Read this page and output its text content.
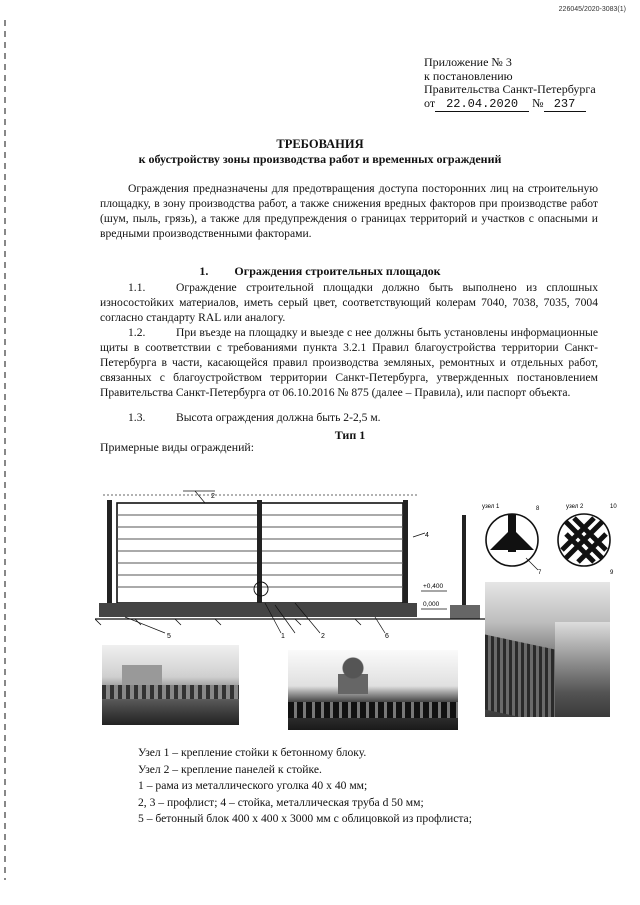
226045/2020-3083(1)
Приложение № 3
к постановлению
Правительства Санкт-Петербурга
от 22.04.2020 № 237
ТРЕБОВАНИЯ
к обустройству зоны производства работ и временных ограждений
Ограждения предназначены для предотвращения доступа посторонних лиц на строительную площадку, в зону производства работ, а также снижения вредных факторов при производстве работ (шум, пыль, грязь), а также для предупреждения о границах территорий и участков с опасными и вредными производственными факторами.
1. Ограждения строительных площадок
1.1.	Ограждение строительной площадки должно быть выполнено из сплошных износостойких материалов, иметь серый цвет, соответствующий колерам 7040, 7038, 7035, 7004 согласно стандарту RAL или аналогу.
1.2.	При въезде на площадку и выезде с нее должны быть установлены информационные щиты в соответствии с требованиями пункта 3.2.1 Правил благоустройства территории Санкт-Петербурга в части, касающейся правил производства земляных, ремонтных и отдельных работ, связанных с благоустройством территории Санкт-Петербурга, утвержденных постановлением Правительства Санкт-Петербурга от 06.10.2016 № 875 (далее – Правила), или паспорт объекта.
1.3.	Высота ограждения должна быть 2-2,5 м.
Примерные виды ограждений:
Тип 1
+0,400
0,000
2
4
5	1	2	6
узел 1	8
7
узел 2	10
9
Узел 1 – крепление стойки к бетонному блоку.
Узел 2 – крепление панелей к стойке.
1 – рама из металлического уголка 40 х 40 мм;
2, 3 – профлист; 4 – стойка, металлическая труба d 50 мм;
5 – бетонный блок 400 х 400 х 3000 мм с облицовкой из профлиста;
